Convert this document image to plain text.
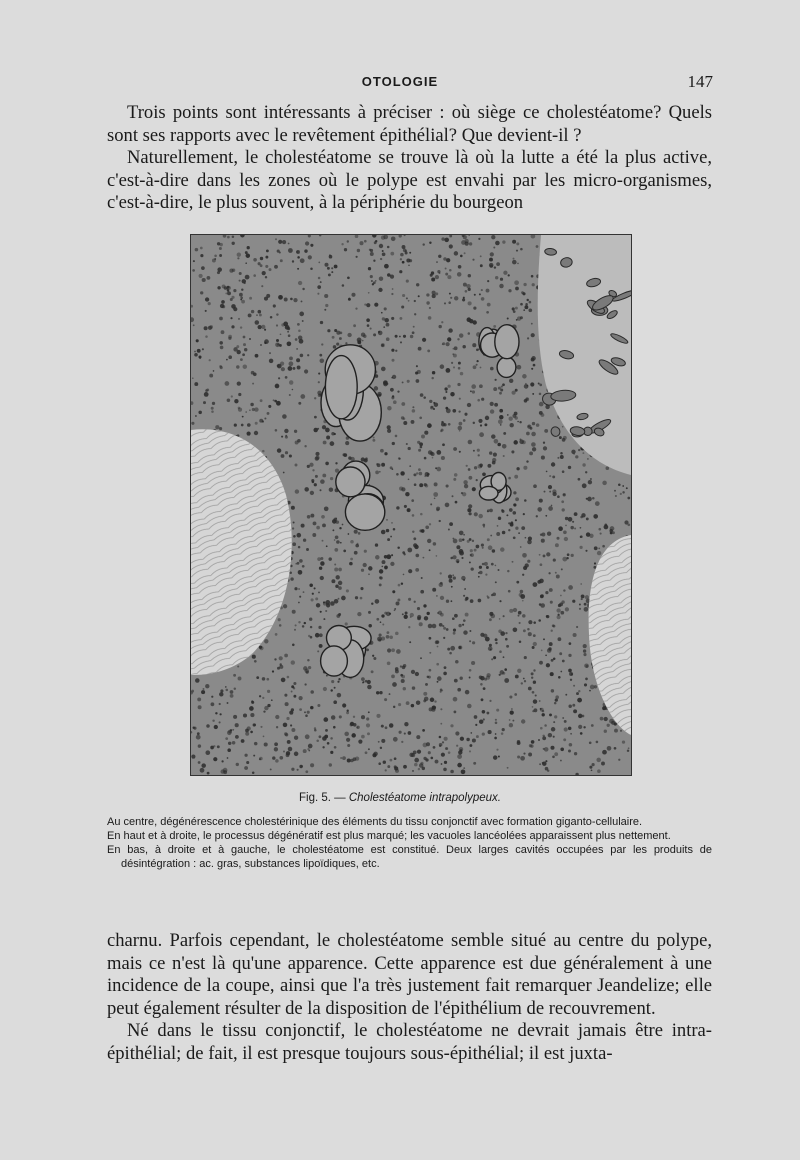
OTOLOGIE	147

Trois points sont intéressants à préciser : où siège ce cholestéatome? Quels sont ses rapports avec le revêtement épithélial? Que devient-il ?

Naturellement, le cholestéatome se trouve là où la lutte a été la plus active, c'est-à-dire dans les zones où le polype est envahi par les micro-organismes, c'est-à-dire, le plus souvent, à la périphérie du bourgeon

Fig. 5. — Cholestéatome intrapolypeux.

Au centre, dégénérescence cholestérinique des éléments du tissu conjonctif avec formation giganto-cellulaire.

En haut et à droite, le processus dégénératif est plus marqué; les vacuoles lancéolées apparaissent plus nettement.

En bas, à droite et à gauche, le cholestéatome est constitué. Deux larges cavités occupées par les produits de désintégration : ac. gras, substances lipoïdiques, etc.

charnu. Parfois cependant, le cholestéatome semble situé au centre du polype, mais ce n'est là qu'une apparence. Cette apparence est due généralement à une incidence de la coupe, ainsi que l'a très justement fait remarquer Jeandelize; elle peut également résulter de la disposition de l'épithélium de recouvrement.

Né dans le tissu conjonctif, le cholestéatome ne devrait jamais être intra-épithélial; de fait, il est presque toujours sous-épithélial; il est juxta-
